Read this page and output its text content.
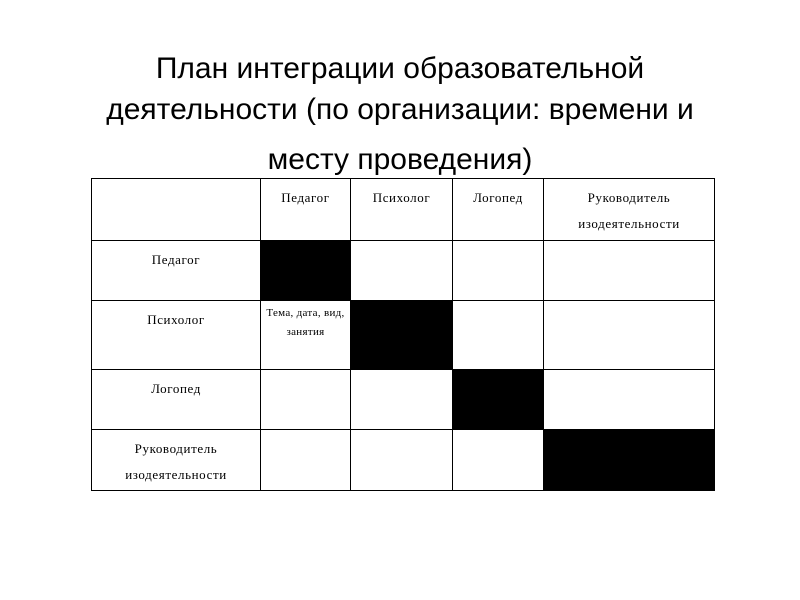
План интеграции образовательной
деятельности (по организации: времени и
месту проведения)

	Педагог	Психолог	Логопед	Руководитель изодеятельности

Педагог				

Психолог	Тема, дата, вид, занятия			

Логопед				

Руководитель изодеятельности				
